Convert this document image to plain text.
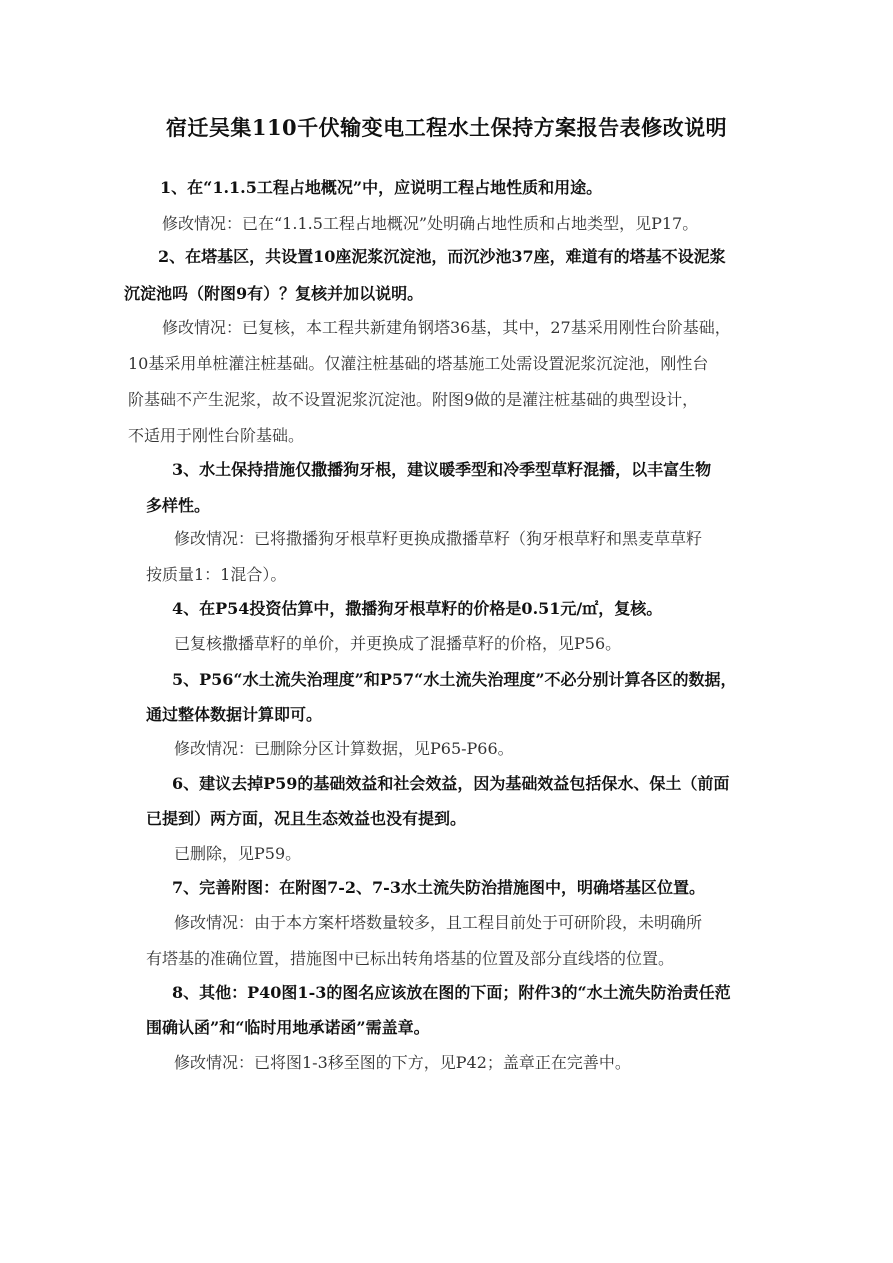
宿迁吴集110千伏输变电工程水土保持方案报告表修改说明
1、在“1.1.5工程占地概况”中，应说明工程占地性质和用途。
修改情况：已在“1.1.5工程占地概况”处明确占地性质和占地类型，见P17。
2、在塔基区，共设置10座泥浆沉淀池，而沉沙池37座，难道有的塔基不设泥浆
沉淀池吗（附图9有）？复核并加以说明。
修改情况：已复核，本工程共新建角钢塔36基，其中，27基采用刚性台阶基础，
10基采用单桩灌注桩基础。仅灌注桩基础的塔基施工处需设置泥浆沉淀池，刚性台
阶基础不产生泥浆，故不设置泥浆沉淀池。附图9做的是灌注桩基础的典型设计，
不适用于刚性台阶基础。
3、水土保持措施仅撒播狗牙根，建议暖季型和冷季型草籽混播，以丰富生物
多样性。
修改情况：已将撒播狗牙根草籽更换成撒播草籽（狗牙根草籽和黑麦草草籽
按质量1：1混合）。
4、在P54投资估算中，撒播狗牙根草籽的价格是0.51元/㎡，复核。
已复核撒播草籽的单价，并更换成了混播草籽的价格，见P56。
5、P56“水土流失治理度”和P57“水土流失治理度”不必分别计算各区的数据，
通过整体数据计算即可。
修改情况：已删除分区计算数据，见P65-P66。
6、建议去掉P59的基础效益和社会效益，因为基础效益包括保水、保土（前面
已提到）两方面，况且生态效益也没有提到。
已删除，见P59。
7、完善附图：在附图7-2、7-3水土流失防治措施图中，明确塔基区位置。
修改情况：由于本方案杆塔数量较多，且工程目前处于可研阶段，未明确所
有塔基的准确位置，措施图中已标出转角塔基的位置及部分直线塔的位置。
8、其他：P40图1-3的图名应该放在图的下面；附件3的“水土流失防治责任范
围确认函”和“临时用地承诺函”需盖章。
修改情况：已将图1-3移至图的下方，见P42；盖章正在完善中。
